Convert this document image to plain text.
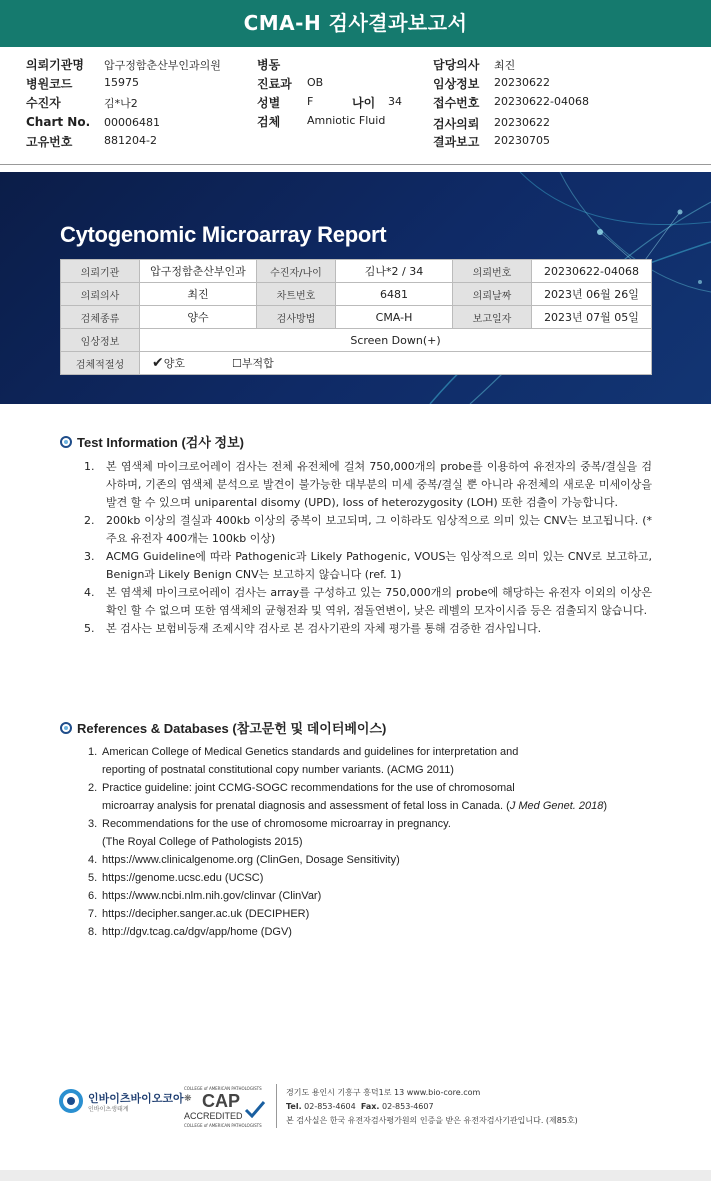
CMA-H 검사결과보고서
의뢰기관명 압구정함춘산부인과의원
병원코드	15975
수진자	김*나2
Chart No. 00006481
고유번호	881204-2
병동
진료과 OB
성별 F	나이 34
검체 Amniotic Fluid
담당의사 최진
임상정보 20230622
접수번호 20230622-04068
검사의뢰 20230622
결과보고 20230705
Cytogenomic Microarray Report
의뢰기관	압구정함춘산부인과	수진자/나이	김나*2 / 34	의뢰번호	20230622-04068
의뢰의사	최진	차트번호	6481	의뢰날짜	2023년 06월 26일
검체종류	양수	검사방법	CMA-H	보고일자	2023년 07월 05일
임상정보	Screen Down(+)				
검체적절성	✔양호 ☐부적합				
Test Information (검사 정보)
1. 본 염색체 마이크로어레이 검사는 전체 유전체에 걸쳐 750,000개의 probe를 이용하여 유전자의 중복/결실을 검사하며, 기존의 염색체 분석으로 발견이 불가능한 대부분의 미세 중복/결실 뿐 아니라 유전체의 새로운 미세이상을 발견 할 수 있으며 uniparental disomy (UPD), loss of heterozygosity (LOH) 또한 검출이 가능합니다.
2. 200kb 이상의 결실과 400kb 이상의 중복이 보고되며, 그 이하라도 임상적으로 의미 있는 CNV는 보고됩니다. (*주요 유전자 400개는 100kb 이상)
3. ACMG Guideline에 따라 Pathogenic과 Likely Pathogenic, VOUS는 임상적으로 의미 있는 CNV로 보고하고, Benign과 Likely Benign CNV는 보고하지 않습니다 (ref. 1)
4. 본 염색체 마이크로어레이 검사는 array를 구성하고 있는 750,000개의 probe에 해당하는 유전자 이외의 이상은 확인 할 수 없으며 또한 염색체의 균형전좌 및 역위, 점돌연변이, 낮은 레벨의 모자이시즘 등은 검출되지 않습니다.
5. 본 검사는 보험비등재 조제시약 검사로 본 검사기관의 자체 평가를 통해 검증한 검사입니다.
References & Databases (참고문헌 및 데이터베이스)
1. American College of Medical Genetics standards and guidelines for interpretation and
reporting of postnatal constitutional copy number variants. (ACMG 2011)
2. Practice guideline: joint CCMG-SOGC recommendations for the use of chromosomal
microarray analysis for prenatal diagnosis and assessment of fetal loss in Canada. (J Med Genet. 2018)
3. Recommendations for the use of chromosome microarray in pregnancy.
(The Royal College of Pathologists 2015)
4. https://www.clinicalgenome.org (ClinGen, Dosage Sensitivity)
5. https://genome.ucsc.edu (UCSC)
6. https://www.ncbi.nlm.nih.gov/clinvar (ClinVar)
7. https://decipher.sanger.ac.uk (DECIPHER)
8. http://dgv.tcag.ca/dgv/app/home (DGV)
인바이츠바이오코아
인바이츠생태계
COLLEGE of AMERICAN PATHOLOGISTS
❋ CAP
ACCREDITED
COLLEGE of AMERICAN PATHOLOGISTS
경기도 용인시 기흥구 흥덕1로 13 www.bio-core.com
Tel. 02-853-4604 Fax. 02-853-4607
본 검사실은 한국 유전자검사평가원의 인증을 받은 유전자검사기관입니다. (제85호)
